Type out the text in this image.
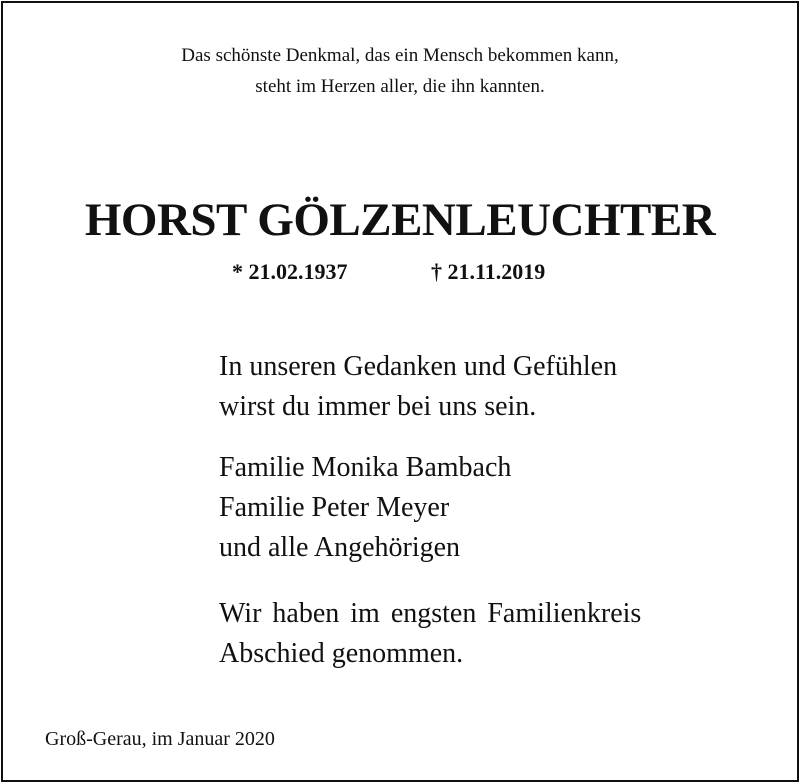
Das schönste Denkmal, das ein Mensch bekommen kann,
steht im Herzen aller, die ihn kannten.
HORST GÖLZENLEUCHTER
* 21.02.1937	† 21.11.2019
In unseren Gedanken und Gefühlen
wirst du immer bei uns sein.
Familie Monika Bambach
Familie Peter Meyer
und alle Angehörigen
Wir haben im engsten Familienkreis
Abschied genommen.
Groß-Gerau, im Januar 2020
